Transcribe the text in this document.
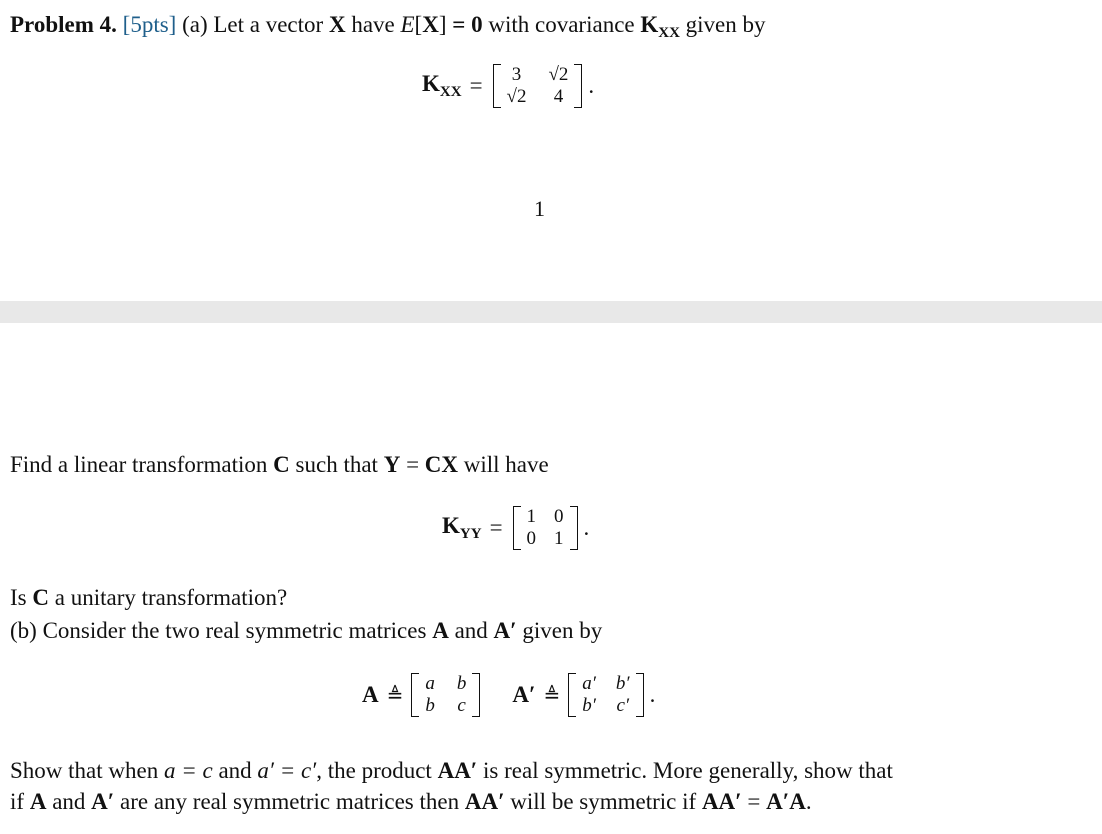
Problem 4. [5pts] (a) Let a vector X have E[X] = 0 with covariance $K_{XX}$ given by
$K_{XX} = 3$ √2
√2 4 .
1
Find a linear transformation C such that Y = CX will have
$K_{YY} = 1$ 0
0 1 .
Is C a unitary transformation?
(b) Consider the two real symmetric matrices A and A′ given by
A ≜
a b
b c A′ ≜
a′ b′
b′ c′ .
Show that when a = c and a′ = c′, the product AA′ is real symmetric. More generally, show that
if A and A′ are any real symmetric matrices then AA′ will be symmetric if AA′ = A′A.
